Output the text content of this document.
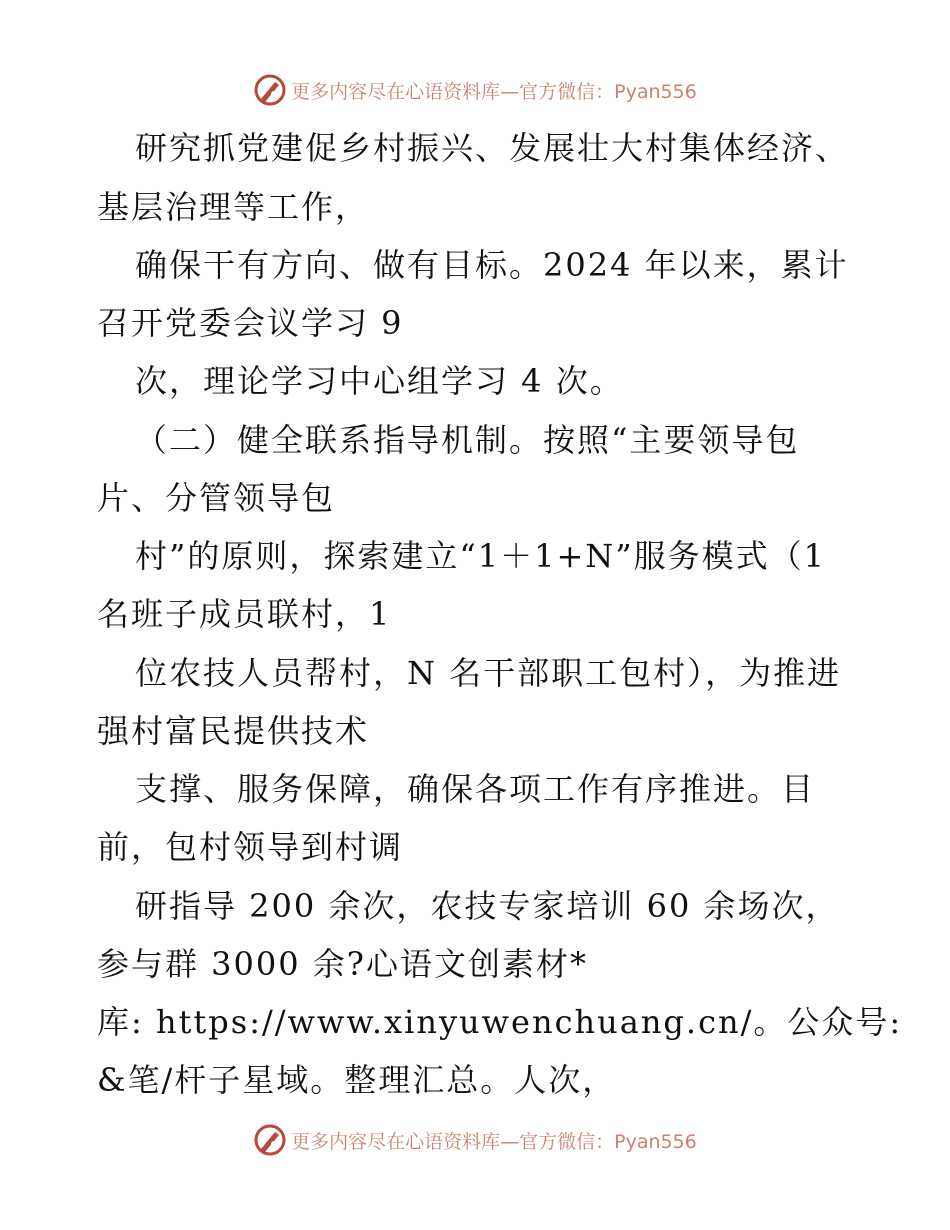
更多内容尽在心语资料库—官方微信：Pyan556
研究抓党建促乡村振兴、发展壮大村集体经济、
基层治理等工作，
确保干有方向、做有目标。2024 年以来，累计
召开党委会议学习 9
次，理论学习中心组学习 4 次。
（二）健全联系指导机制。按照“主要领导包
片、分管领导包
村”的原则，探索建立“1＋1+N”服务模式（1
名班子成员联村，1
位农技人员帮村，N 名干部职工包村），为推进
强村富民提供技术
支撑、服务保障，确保各项工作有序推进。目
前，包村领导到村调
研指导 200 余次，农技专家培训 60 余场次，
参与群 3000 余?心语文创素材*
库: https://www.xinyuwenchuang.cn/。公众号:
&笔/杆子星域。整理汇总。人次，
更多内容尽在心语资料库—官方微信：Pyan556
